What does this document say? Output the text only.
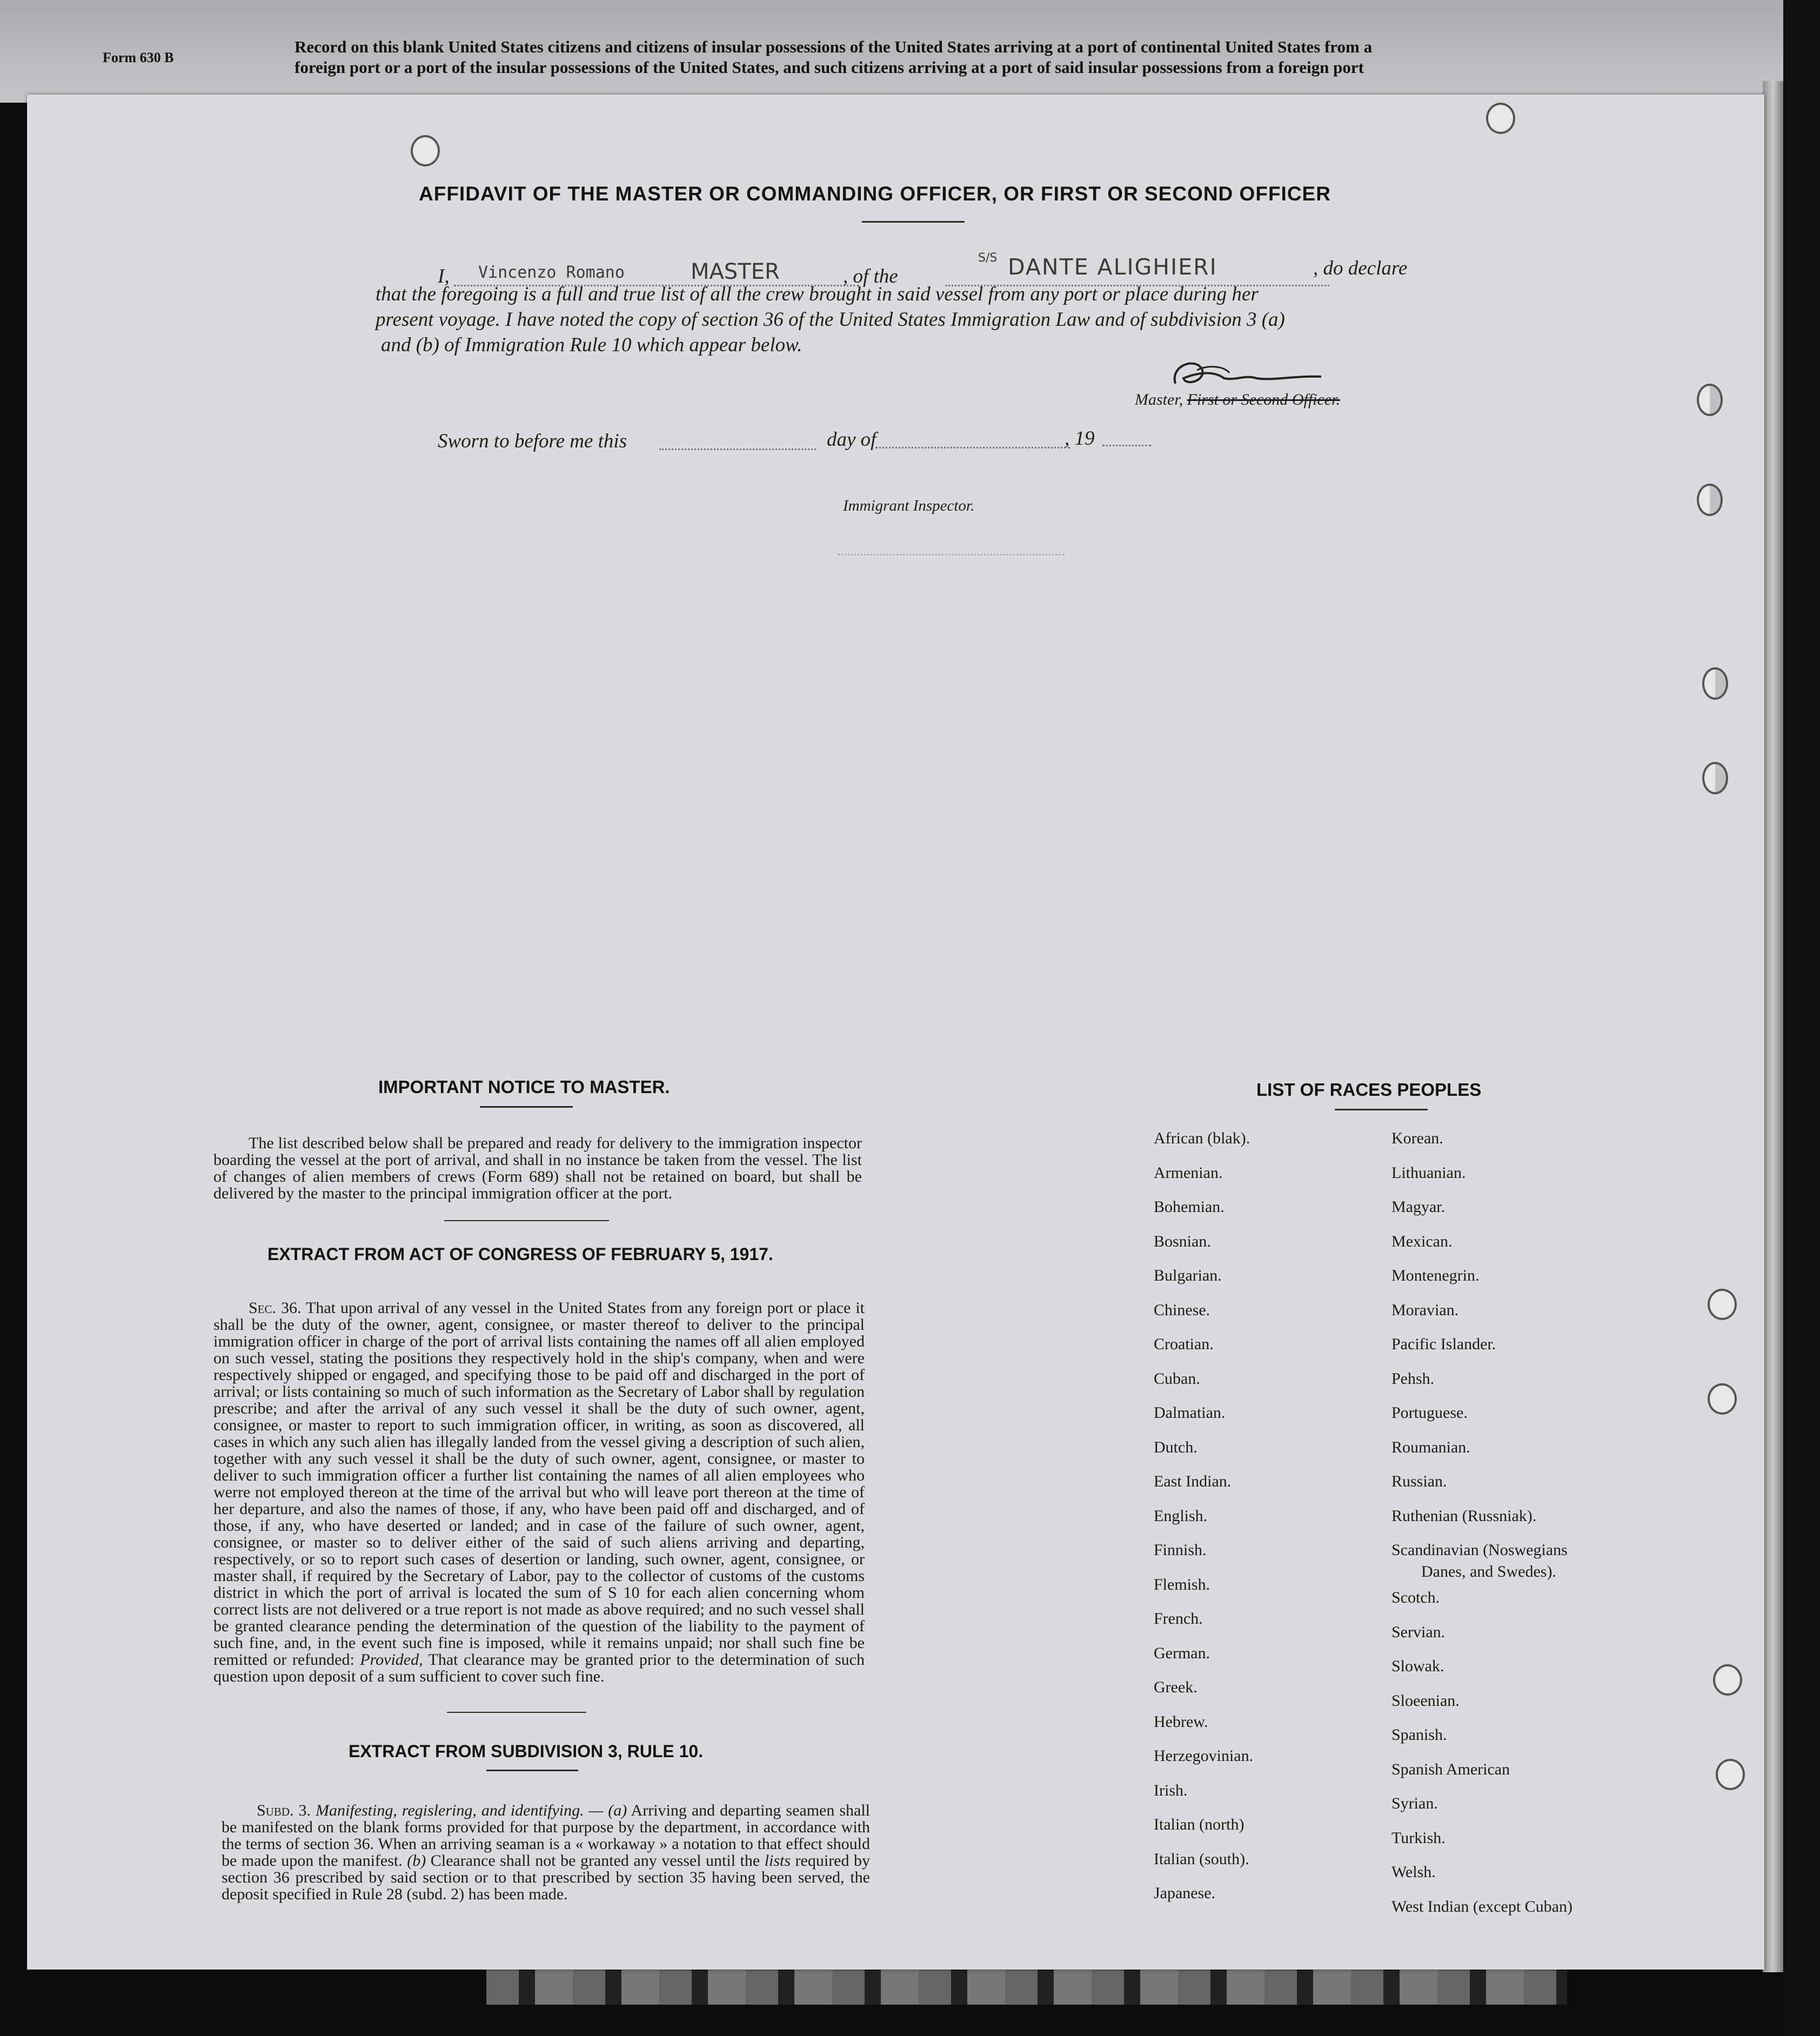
Form 630 B
Record on this blank United States citizens and citizens of insular possessions of the United States arriving at a port of continental United States from a
foreign port or a port of the insular possessions of the United States, and such citizens arriving at a port of said insular possessions from a foreign port
AFFIDAVIT OF THE MASTER OR COMMANDING OFFICER, OR FIRST OR SECOND OFFICER
I, Vincenzo Romano	MASTER	, of the
S/S DANTE ALIGHIERI	, do declare
that the foregoing is a full and true list of all the crew brought in said vessel from any port or place during her
present voyage. I have noted the copy of section 36 of the United States Immigration Law and of subdivision 3 (a)
and (b) of Immigration Rule 10 which appear below.
Master, First or Second Officer.
Sworn to before me this	day of	, 19
Immigrant Inspector.
IMPORTANT NOTICE TO MASTER.
The list described below shall be prepared and ready for delivery to the immigration inspector boarding the vessel at the port of arrival, and shall in no instance be taken from the vessel. The list of changes of alien members of crews (Form 689) shall not be retained on board, but shall be delivered by the master to the principal immigration officer at the port.
EXTRACT FROM ACT OF CONGRESS OF FEBRUARY 5, 1917.
Sec. 36. That upon arrival of any vessel in the United States from any foreign port or place it shall be the duty of the owner, agent, consignee, or master thereof to deliver to the principal immigration officer in charge of the port of arrival lists containing the names off all alien employed on such vessel, stating the positions they respectively hold in the ship's company, when and were respectively shipped or engaged, and specifying those to be paid off and discharged in the port of arrival; or lists containing so much of such information as the Secretary of Labor shall by regulation prescribe; and after the arrival of any such vessel it shall be the duty of such owner, agent, consignee, or master to report to such immigration officer, in writing, as soon as discovered, all cases in which any such alien has illegally landed from the vessel giving a description of such alien, together with any such vessel it shall be the duty of such owner, agent, consignee, or master to deliver to such immigration officer a further list containing the names of all alien employees who werre not employed thereon at the time of the arrival but who will leave port thereon at the time of her departure, and also the names of those, if any, who have been paid off and discharged, and of those, if any, who have deserted or landed; and in case of the failure of such owner, agent, consignee, or master so to deliver either of the said of such aliens arriving and departing, respectively, or so to report such cases of desertion or landing, such owner, agent, consignee, or master shall, if required by the Secretary of Labor, pay to the collector of customs of the customs district in which the port of arrival is located the sum of S 10 for each alien concerning whom correct lists are not delivered or a true report is not made as above required; and no such vessel shall be granted clearance pending the determination of the question of the liability to the payment of such fine, and, in the event such fine is imposed, while it remains unpaid; nor shall such fine be remitted or refunded: Provided, That clearance may be granted prior to the determination of such question upon deposit of a sum sufficient to cover such fine.
EXTRACT FROM SUBDIVISION 3, RULE 10.
Subd. 3. Manifesting, regislering, and identifying. — (a) Arriving and departing seamen shall be manifested on the blank forms provided for that purpose by the department, in accordance with the terms of section 36. When an arriving seaman is a « workaway » a notation to that effect should be made upon the manifest. (b) Clearance shall not be granted any vessel until the lists required by section 36 prescribed by said section or to that prescribed by section 35 having been served, the deposit specified in Rule 28 (subd. 2) has been made.
LIST OF RACES PEOPLES
African (blak).
Armenian.
Bohemian.
Bosnian.
Bulgarian.
Chinese.
Croatian.
Cuban.
Dalmatian.
Dutch.
East Indian.
English.
Finnish.
Flemish.
French.
German.
Greek.
Hebrew.
Herzegovinian.
Irish.
Italian (north)
Italian (south).
Japanese.
Korean.
Lithuanian.
Magyar.
Mexican.
Montenegrin.
Moravian.
Pacific Islander.
Pehsh.
Portuguese.
Roumanian.
Russian.
Ruthenian (Russniak).
Scandinavian (Noswegians
Danes, and Swedes).
Scotch.
Servian.
Slowak.
Sloeenian.
Spanish.
Spanish American
Syrian.
Turkish.
Welsh.
West Indian (except Cuban)
